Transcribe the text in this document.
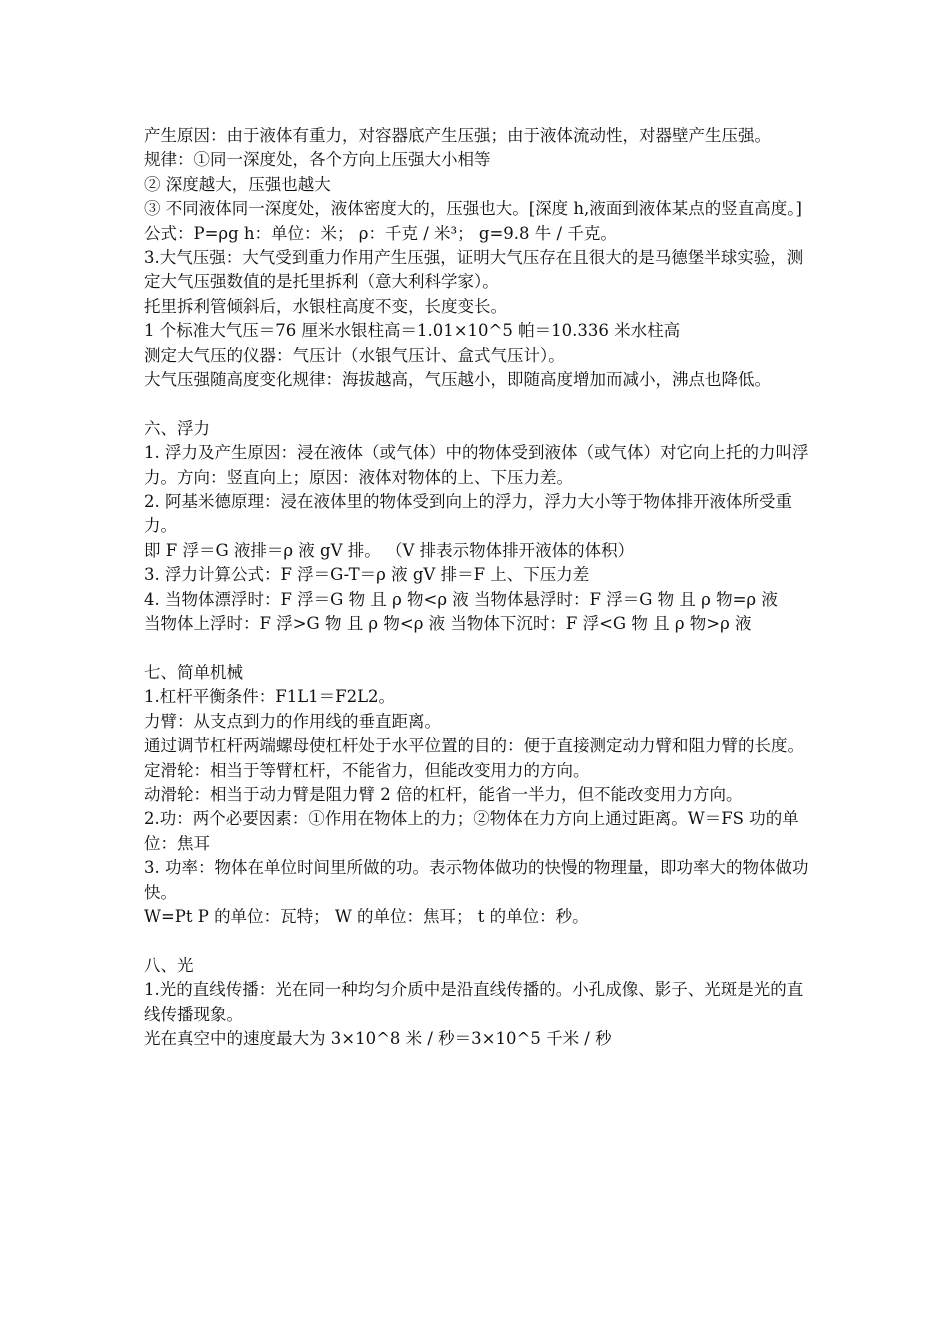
产生原因：由于液体有重力，对容器底产生压强；由于液体流动性，对器壁产生压强。

规律：①同一深度处，各个方向上压强大小相等

② 深度越大，压强也越大

③ 不同液体同一深度处，液体密度大的，压强也大。[深度 h,液面到液体某点的竖直高度。]

公式：P=ρg h：单位：米； ρ：千克 / 米³； g=9.8 牛 / 千克。

3.大气压强：大气受到重力作用产生压强，证明大气压存在且很大的是马德堡半球实验，测 定大气压强数值的是托里拆利（意大利科学家）。

托里拆利管倾斜后，水银柱高度不变，长度变长。

1 个标准大气压＝76 厘米水银柱高＝1.01×10^5 帕＝10.336 米水柱高

测定大气压的仪器：气压计（水银气压计、盒式气压计）。

大气压强随高度变化规律：海拔越高，气压越小，即随高度增加而减小，沸点也降低。

六、浮力

1. 浮力及产生原因：浸在液体（或气体）中的物体受到液体（或气体）对它向上托的力叫浮力。方向：竖直向上；原因：液体对物体的上、下压力差。

2. 阿基米德原理：浸在液体里的物体受到向上的浮力，浮力大小等于物体排开液体所受重力。

即 F 浮＝G 液排＝ρ 液 gV 排。 （V 排表示物体排开液体的体积）

3. 浮力计算公式：F 浮＝G-T＝ρ 液 gV 排＝F 上、下压力差

4. 当物体漂浮时：F 浮＝G 物 且 ρ 物<ρ 液 当物体悬浮时：F 浮＝G 物 且 ρ 物=ρ 液

当物体上浮时：F 浮>G 物 且 ρ 物<ρ 液 当物体下沉时：F 浮<G 物 且 ρ 物>ρ 液

七、简单机械

1.杠杆平衡条件：F1L1＝F2L2。

力臂：从支点到力的作用线的垂直距离。

通过调节杠杆两端螺母使杠杆处于水平位置的目的：便于直接测定动力臂和阻力臂的长度。

定滑轮：相当于等臂杠杆，不能省力，但能改变用力的方向。

动滑轮：相当于动力臂是阻力臂 2 倍的杠杆，能省一半力，但不能改变用力方向。

2.功：两个必要因素：①作用在物体上的力；②物体在力方向上通过距离。W＝FS 功的单位：焦耳

3. 功率：物体在单位时间里所做的功。表示物体做功的快慢的物理量，即功率大的物体做功快。

W=Pt P 的单位：瓦特； W 的单位：焦耳； t 的单位：秒。

八、光

1.光的直线传播：光在同一种均匀介质中是沿直线传播的。小孔成像、影子、光斑是光的直线传播现象。

光在真空中的速度最大为 3×10^8 米 / 秒＝3×10^5 千米 / 秒
